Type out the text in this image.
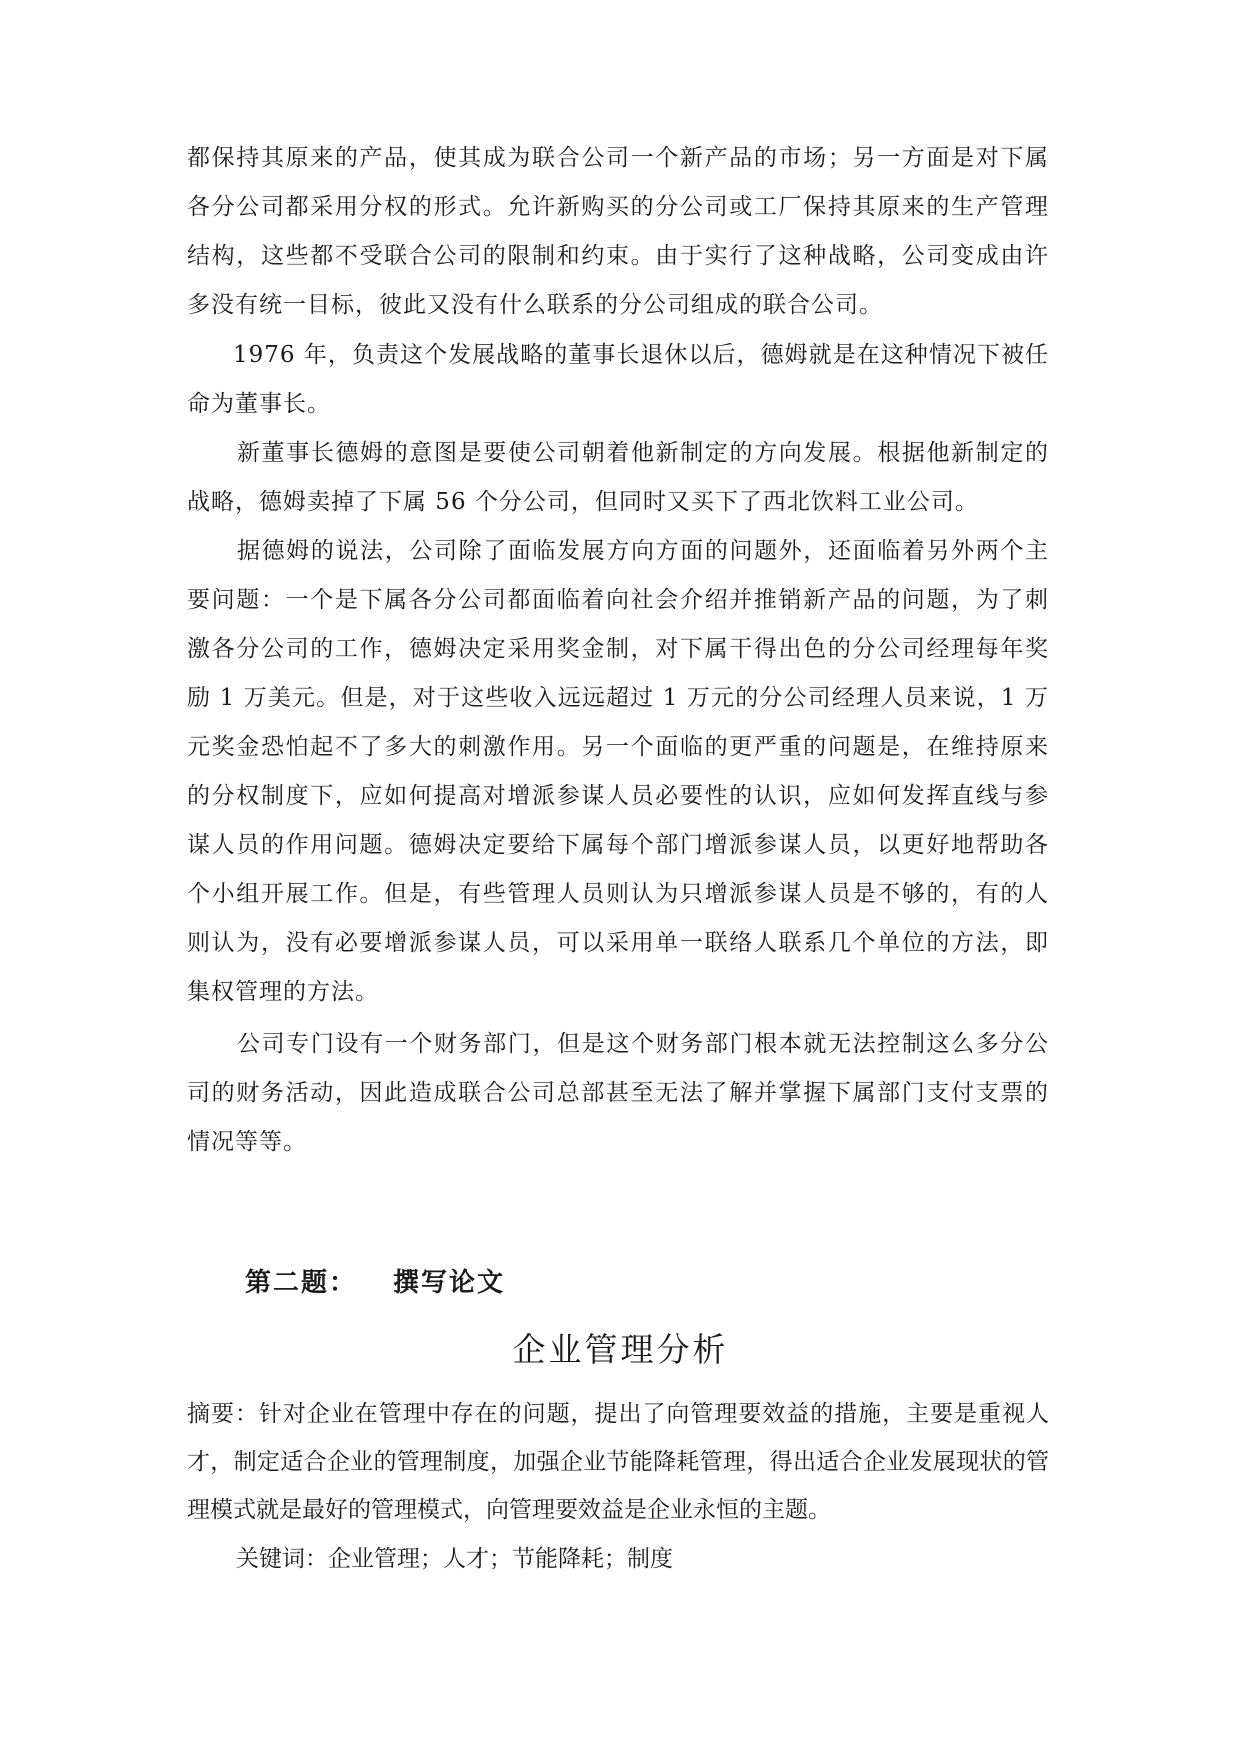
都保持其原来的产品，使其成为联合公司一个新产品的市场；另一方面是对下属各分公司都采用分权的形式。允许新购买的分公司或工厂保持其原来的生产管理结构，这些都不受联合公司的限制和约束。由于实行了这种战略，公司变成由许多没有统一目标，彼此又没有什么联系的分公司组成的联合公司。

1976 年，负责这个发展战略的董事长退休以后，德姆就是在这种情况下被任命为董事长。

新董事长德姆的意图是要使公司朝着他新制定的方向发展。根据他新制定的战略，德姆卖掉了下属 56 个分公司，但同时又买下了西北饮料工业公司。

据德姆的说法，公司除了面临发展方向方面的问题外，还面临着另外两个主要问题：一个是下属各分公司都面临着向社会介绍并推销新产品的问题，为了刺激各分公司的工作，德姆决定采用奖金制，对下属干得出色的分公司经理每年奖励 1 万美元。但是，对于这些收入远远超过 1 万元的分公司经理人员来说，1 万元奖金恐怕起不了多大的刺激作用。另一个面临的更严重的问题是，在维持原来的分权制度下，应如何提高对增派参谋人员必要性的认识，应如何发挥直线与参谋人员的作用问题。德姆决定要给下属每个部门增派参谋人员，以更好地帮助各个小组开展工作。但是，有些管理人员则认为只增派参谋人员是不够的，有的人则认为，没有必要增派参谋人员，可以采用单一联络人联系几个单位的方法，即集权管理的方法。

公司专门设有一个财务部门，但是这个财务部门根本就无法控制这么多分公司的财务活动，因此造成联合公司总部甚至无法了解并掌握下属部门支付支票的情况等等。

第二题： 撰写论文

企业管理分析

摘要：针对企业在管理中存在的问题，提出了向管理要效益的措施，主要是重视人才，制定适合企业的管理制度，加强企业节能降耗管理，得出适合企业发展现状的管理模式就是最好的管理模式，向管理要效益是企业永恒的主题。

关键词：企业管理；人才；节能降耗；制度
